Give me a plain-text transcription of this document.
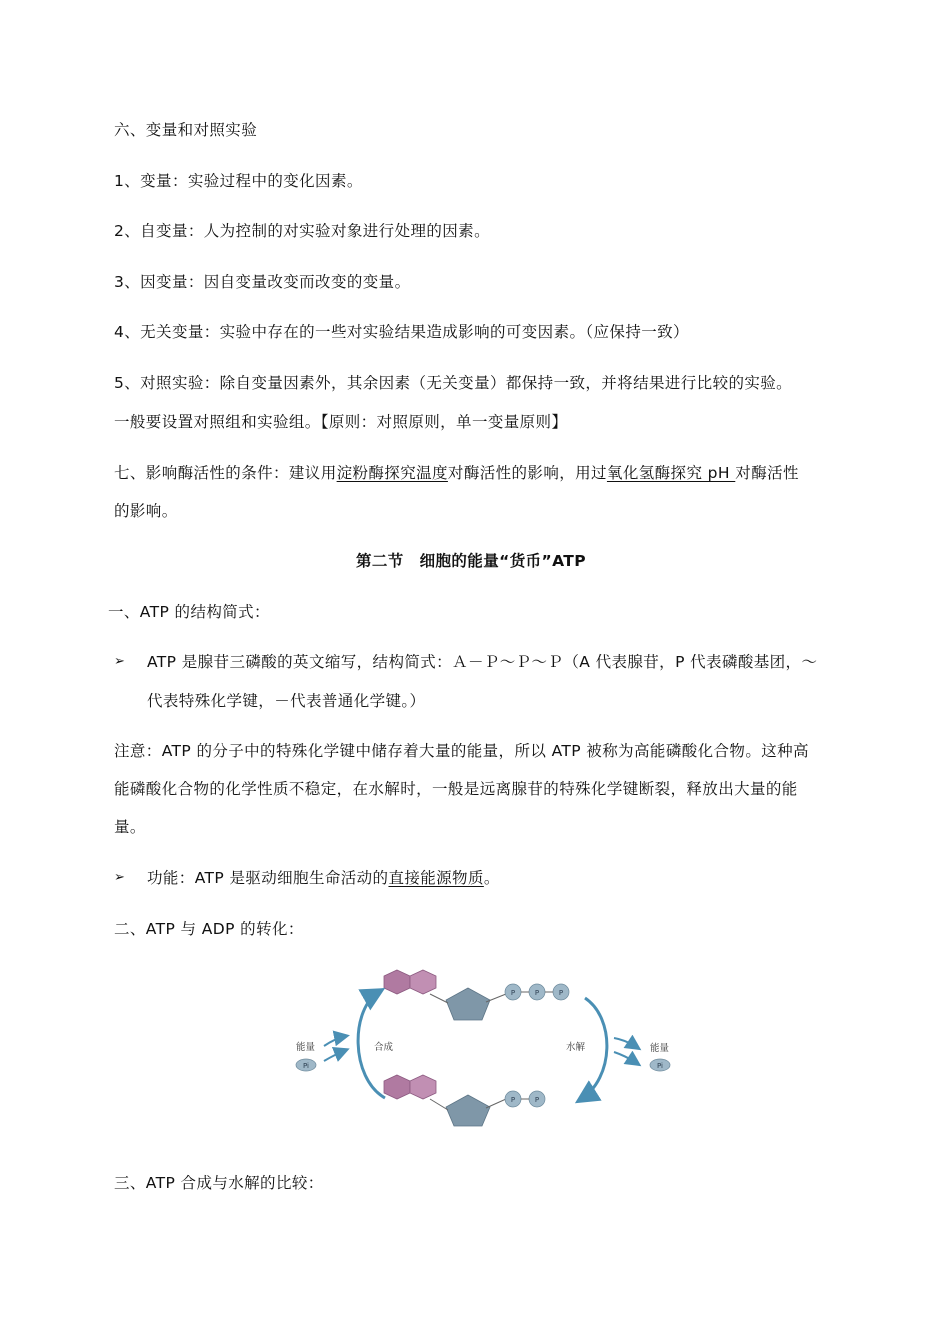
六、变量和对照实验
1、变量：实验过程中的变化因素。
2、自变量：人为控制的对实验对象进行处理的因素。
3、因变量：因自变量改变而改变的变量。
4、无关变量：实验中存在的一些对实验结果造成影响的可变因素。（应保持一致）
5、对照实验：除自变量因素外，其余因素（无关变量）都保持一致，并将结果进行比较的实验。
一般要设置对照组和实验组。【原则：对照原则，单一变量原则】
七、影响酶活性的条件：建议用淀粉酶探究温度对酶活性的影响，用过氧化氢酶探究 pH 对酶活性
的影响。
第二节　细胞的能量“货币”ATP
一、ATP 的结构简式：
➢ ATP 是腺苷三磷酸的英文缩写，结构简式：Ａ－Ｐ～Ｐ～Ｐ（A 代表腺苷，P 代表磷酸基团，～
代表特殊化学键，－代表普通化学键。）
注意：ATP 的分子中的特殊化学键中储存着大量的能量，所以 ATP 被称为高能磷酸化合物。这种高
能磷酸化合物的化学性质不稳定，在水解时，一般是远离腺苷的特殊化学键断裂，释放出大量的能
量。
➢ 功能：ATP 是驱动细胞生命活动的直接能源物质。
二、ATP 与 ADP 的转化：
P	P	P
P	P
合成	水解
能量
Pi
能量
Pi
三、ATP 合成与水解的比较：
